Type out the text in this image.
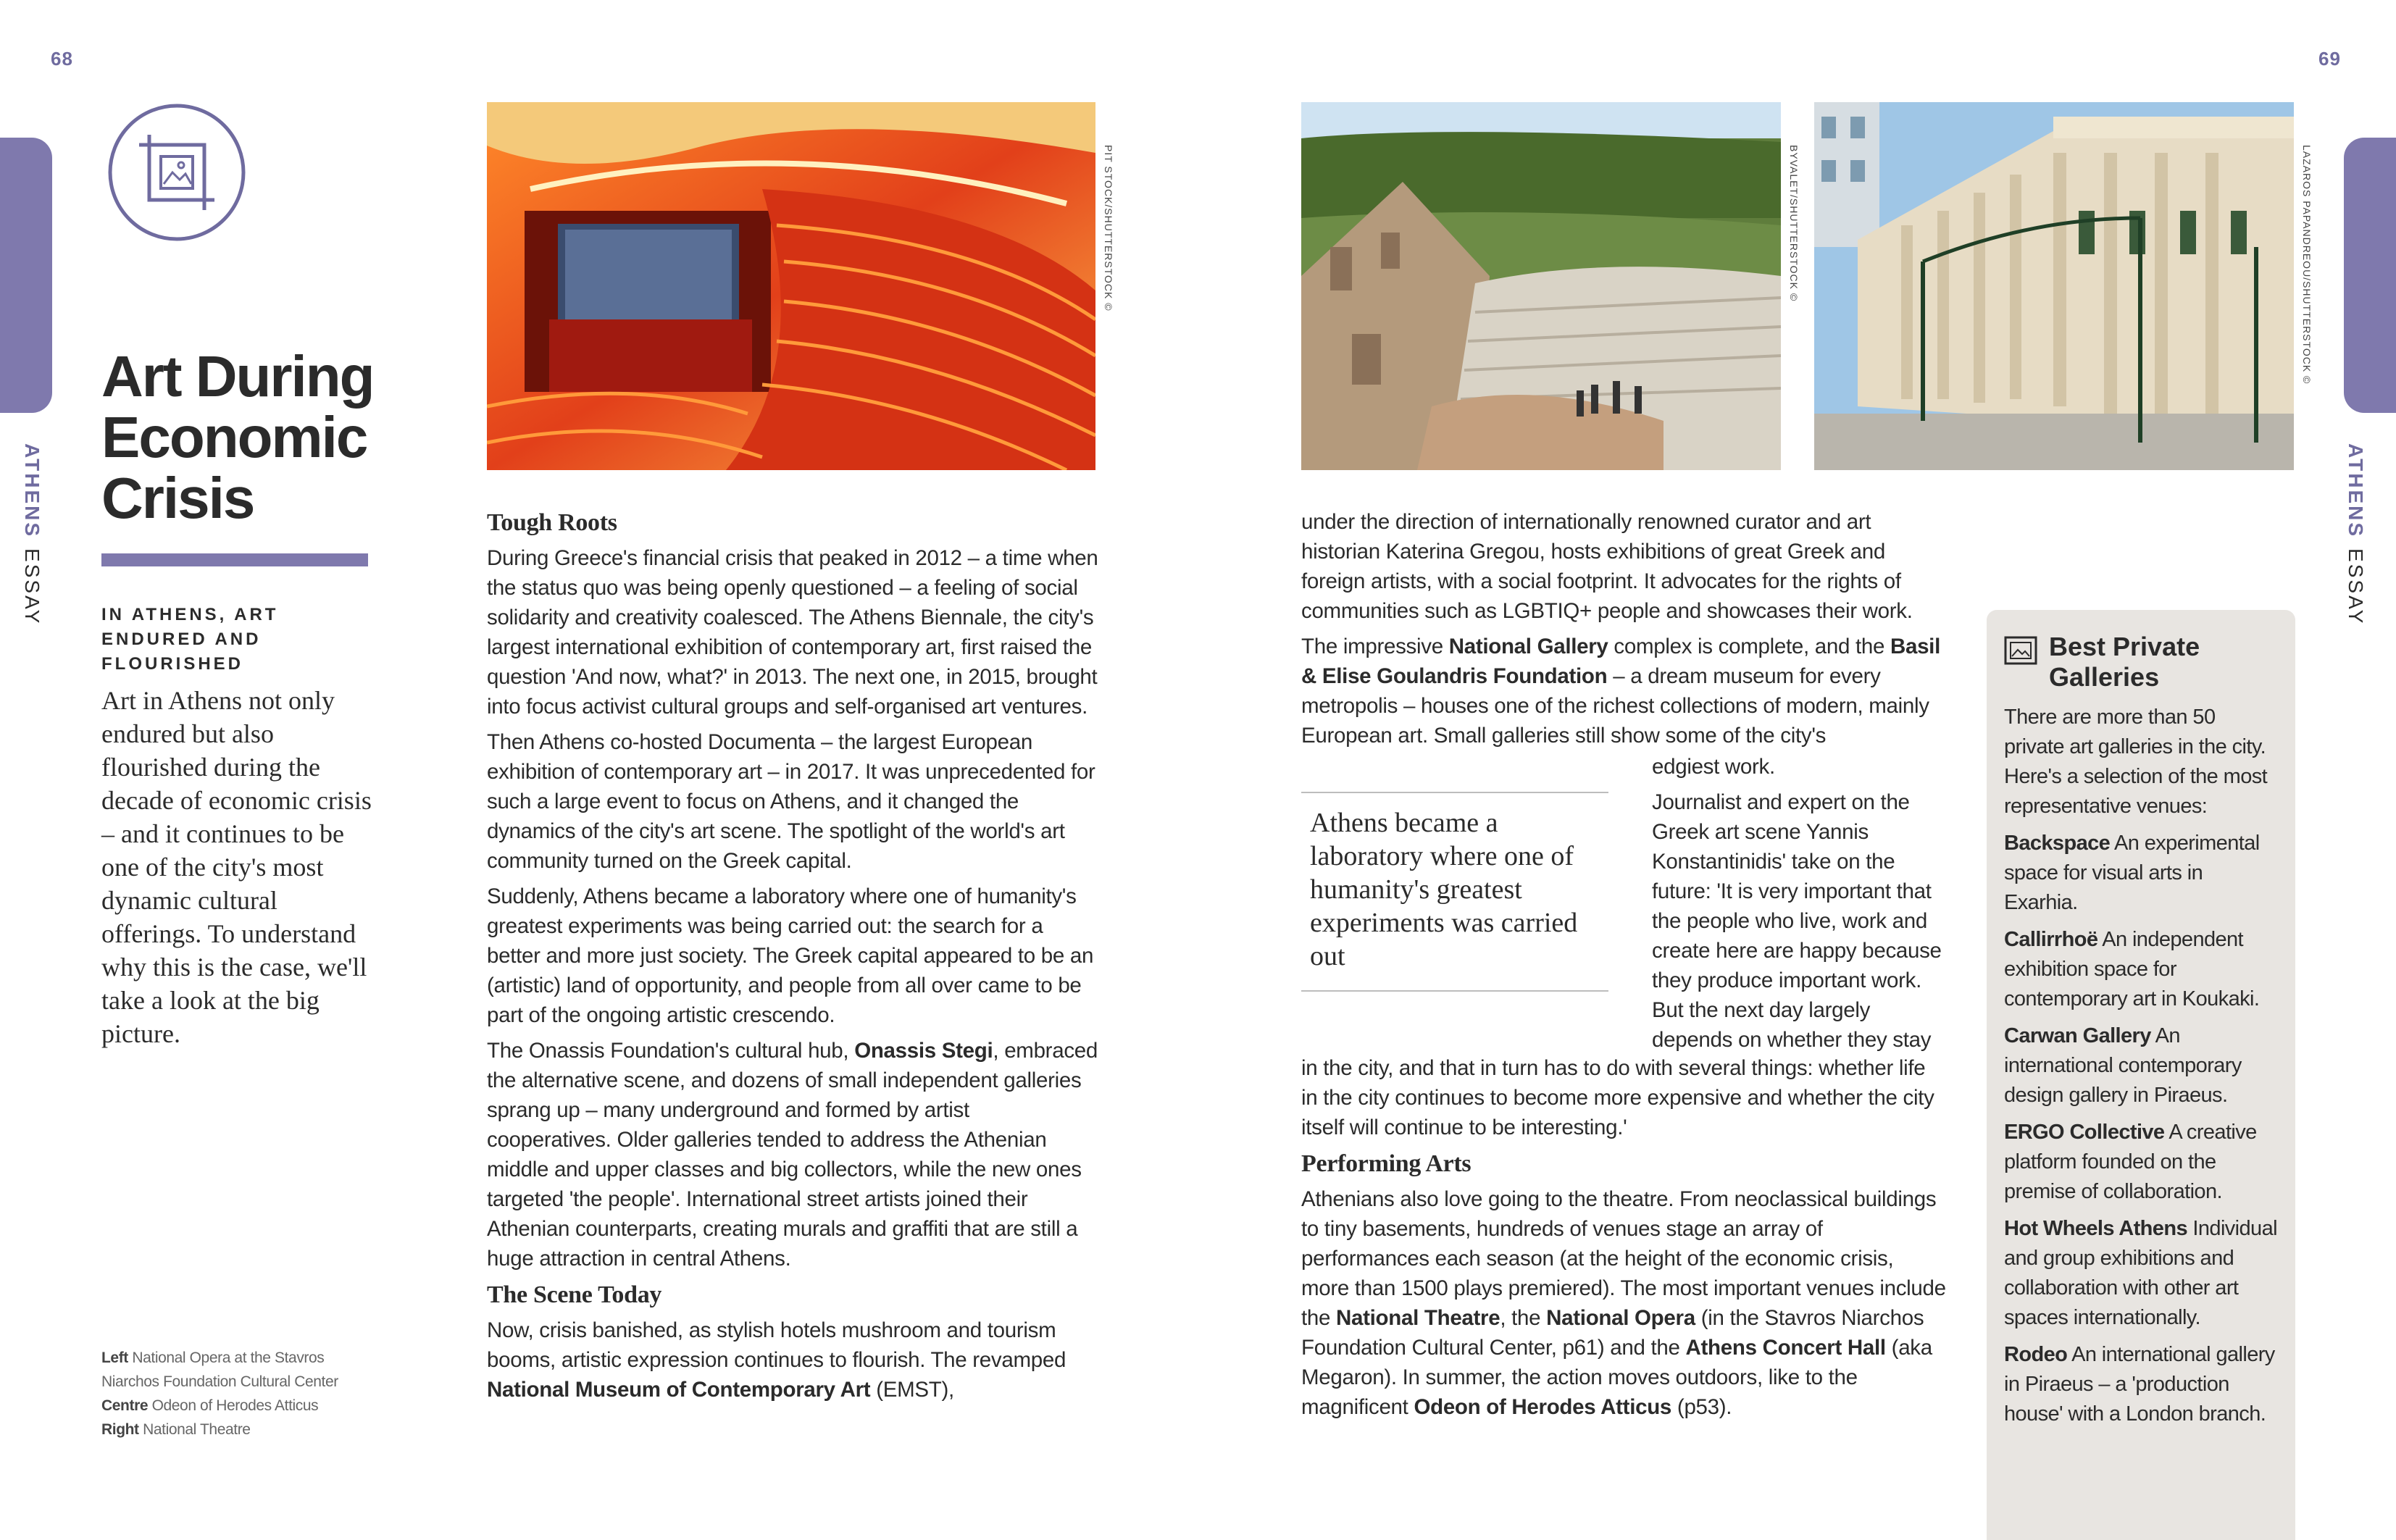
68	69
ATHENSESSAY
ATHENSESSAY
Art During Economic Crisis
IN ATHENS, ART ENDURED AND FLOURISHED
Art in Athens not only endured but also flourished during the decade of economic crisis – and it continues to be one of the city's most dynamic cultural offerings. To understand why this is the case, we'll take a look at the big picture.
Left National Opera at the Stavros Niarchos Foundation Cultural Center
Centre Odeon of Herodes Atticus
Right National Theatre
PIT STOCK/SHUTTERSTOCK ©	BYVALET/SHUTTERSTOCK ©	LAZAROS PAPANDREOU/SHUTTERSTOCK ©
Tough Roots

During Greece's financial crisis that peaked in 2012 – a time when the status quo was being openly questioned – a feeling of social solidarity and creativity coalesced. The Athens Biennale, the city's largest international exhibition of contemporary art, first raised the question 'And now, what?' in 2013. The next one, in 2015, brought into focus activist cultural groups and self-organised art ventures.

Then Athens co-hosted Documenta – the largest European exhibition of contemporary art – in 2017. It was unprecedented for such a large event to focus on Athens, and it changed the dynamics of the city's art scene. The spotlight of the world's art community turned on the Greek capital.

Suddenly, Athens became a laboratory where one of humanity's greatest experiments was being carried out: the search for a better and more just society. The Greek capital appeared to be an (artistic) land of opportunity, and people from all over came to be part of the ongoing artistic crescendo.

The Onassis Foundation's cultural hub, Onassis Stegi, embraced the alternative scene, and dozens of small independent galleries sprang up – many underground and formed by artist cooperatives. Older galleries tended to address the Athenian middle and upper classes and big collectors, while the new ones targeted 'the people'. International street artists joined their Athenian counterparts, creating murals and graffiti that are still a huge attraction in central Athens.

The Scene Today

Now, crisis banished, as stylish hotels mushroom and tourism booms, artistic expression continues to flourish. The revamped National Museum of Contemporary Art (EMST),

under the direction of internationally renowned curator and art historian Katerina Gregou, hosts exhibitions of great Greek and foreign artists, with a social footprint. It advocates for the rights of communities such as LGBTIQ+ people and showcases their work.

The impressive National Gallery complex is complete, and the Basil & Elise Goulandris Foundation – a dream museum for every metropolis – houses one of the richest collections of modern, mainly European art. Small galleries still show some of the city's

edgiest work.

Journalist and expert on the Greek art scene Yannis Konstantinidis' take on the future: 'It is very important that the people who live, work and create here are happy because they produce important work. But the next day largely depends on whether they stay

Athens became a laboratory where one of humanity's greatest experiments was carried out

in the city, and that in turn has to do with several things: whether life in the city continues to become more expensive and whether the city itself will continue to be interesting.'

Performing Arts

Athenians also love going to the theatre. From neoclassical buildings to tiny basements, hundreds of venues stage an array of performances each season (at the height of the economic crisis, more than 1500 plays premiered). The most important venues include the National Theatre, the National Opera (in the Stavros Niarchos Foundation Cultural Center, p61) and the Athens Concert Hall (aka Megaron). In summer, the action moves outdoors, like to the magnificent Odeon of Herodes Atticus (p53).

Best Private Galleries

There are more than 50 private art galleries in the city. Here's a selection of the most representative venues:

Backspace An experimental space for visual arts in Exarhia.

Callirrhoë An independent exhibition space for contemporary art in Koukaki.

Carwan Gallery An international contemporary design gallery in Piraeus.

ERGO Collective A creative platform founded on the premise of collaboration.

Hot Wheels Athens Individual and group exhibitions and collaboration with other art spaces internationally.

Rodeo An international gallery in Piraeus – a 'production house' with a London branch.
